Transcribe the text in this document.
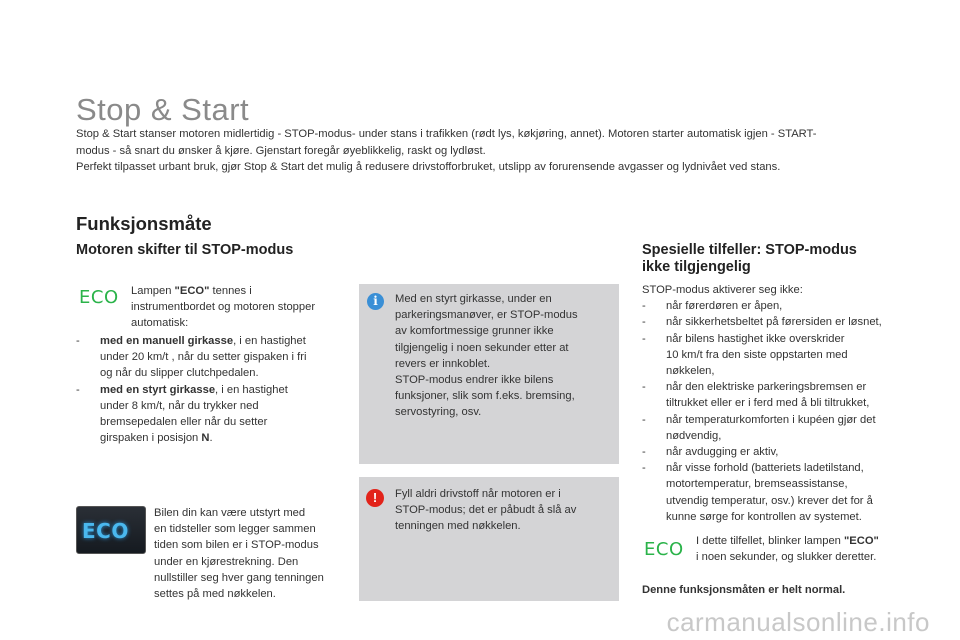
Stop & Start
Stop & Start stanser motoren midlertidig - STOP-modus- under stans i trafikken (rødt lys, køkjøring, annet). Motoren starter automatisk igjen - START-
modus - så snart du ønsker å kjøre. Gjenstart foregår øyeblikkelig, raskt og lydløst.
Perfekt tilpasset urbant bruk, gjør Stop & Start det mulig å redusere drivstofforbruket, utslipp av forurensende avgasser og lydnivået ved stans.
Funksjonsmåte
Motoren skifter til STOP-modus
ECO Lampen "ECO" tennes i
instrumentbordet og motoren stopper
automatisk:
- med en manuell girkasse, i en hastighet
under 20 km/t , når du setter gispaken i fri
og når du slipper clutchpedalen.
- med en styrt girkasse, i en hastighet
under 8 km/t, når du trykker ned
bremsepedalen eller når du setter
girspaken i posisjon N.
ECO
Bilen din kan være utstyrt med
en tidsteller som legger sammen
tiden som bilen er i STOP-modus
under en kjørestrekning. Den
nullstiller seg hver gang tenningen
settes på med nøkkelen.
i	Med en styrt girkasse, under en
parkeringsmanøver, er STOP-modus
av komfortmessige grunner ikke
tilgjengelig i noen sekunder etter at
revers er innkoblet.
STOP-modus endrer ikke bilens
funksjoner, slik som f.eks. bremsing,
servostyring, osv.
!	Fyll aldri drivstoff når motoren er i
STOP-modus; det er påbudt å slå av
tenningen med nøkkelen.
Spesielle tilfeller: STOP-modus
ikke tilgjengelig
STOP-modus aktiverer seg ikke:
- når førerdøren er åpen,
- når sikkerhetsbeltet på førersiden er løsnet,
- når bilens hastighet ikke overskrider
10 km/t fra den siste oppstarten med
nøkkelen,
- når den elektriske parkeringsbremsen er
tiltrukket eller er i ferd med å bli tiltrukket,
- når temperaturkomforten i kupéen gjør det
nødvendig,
- når avdugging er aktiv,
- når visse forhold (batteriets ladetilstand,
motortemperatur, bremseassistanse,
utvendig temperatur, osv.) krever det for å
kunne sørge for kontrollen av systemet.
ECO I dette tilfellet, blinker lampen "ECO"
i noen sekunder, og slukker deretter.
Denne funksjonsmåten er helt normal.
carmanualsonline.info
